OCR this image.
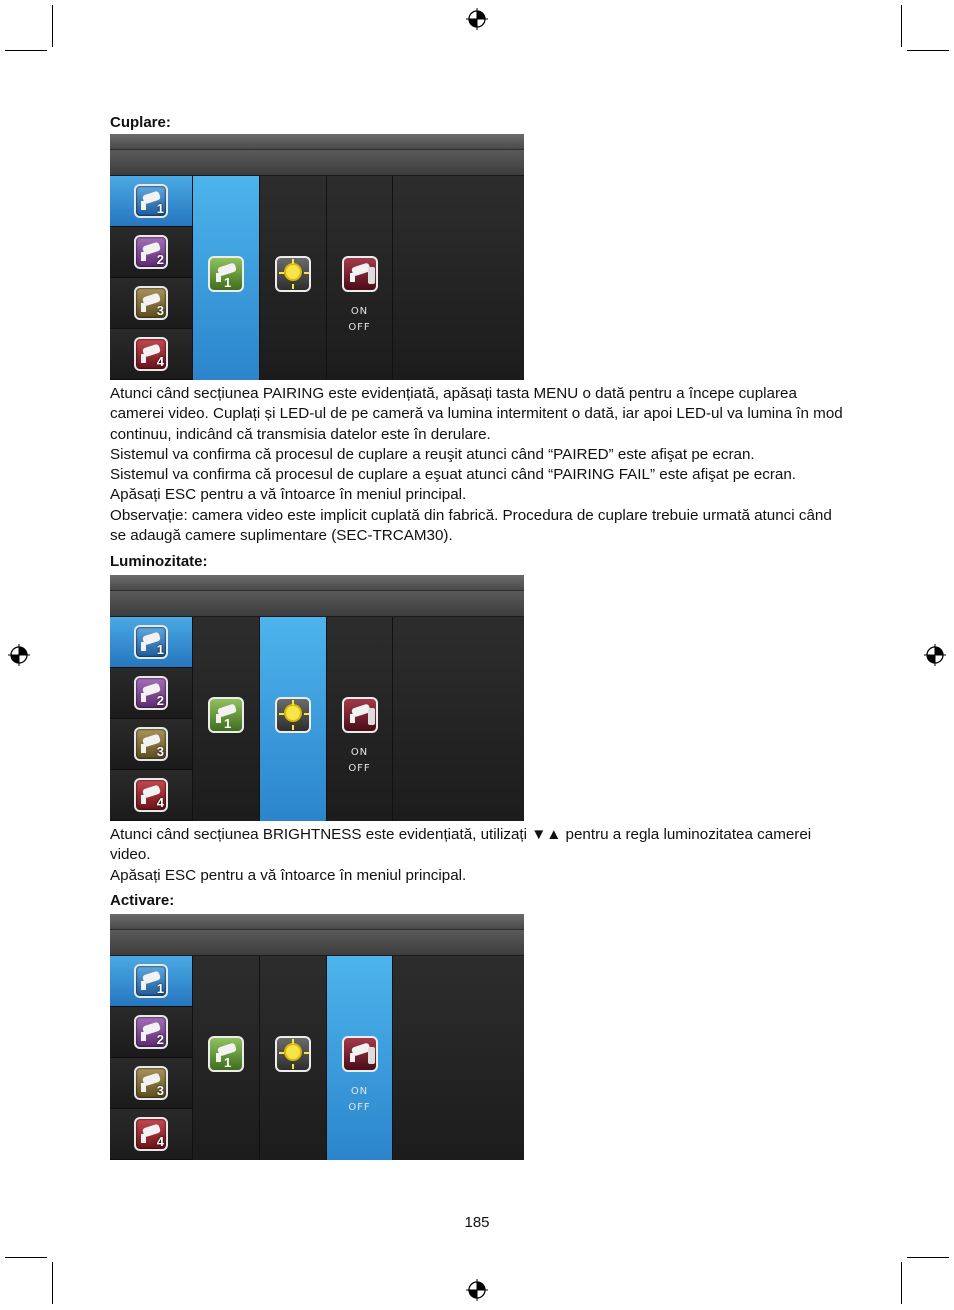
Cuplare:
1
2
3
4
1
ON
OFF

Atunci când secțiunea PAIRING este evidențiată, apăsați tasta MENU o dată pentru a începe cuplarea camerei video. Cuplați și LED-ul de pe cameră va lumina intermitent o dată, iar apoi LED-ul va lumina în mod continuu, indicând că transmisia datelor este în derulare.

Sistemul va confirma că procesul de cuplare a reuşit atunci când “PAIRED” este afişat pe ecran.

Sistemul va confirma că procesul de cuplare a eşuat atunci când “PAIRING FAIL” este afişat pe ecran.

Apăsați ESC pentru a vă întoarce în meniul principal.

Observație: camera video este implicit cuplată din fabrică. Procedura de cuplare trebuie urmată atunci când se adaugă camere suplimentare (SEC-TRCAM30).

Luminozitate:
1
2
3
4
1
ON
OFF

Atunci când secțiunea BRIGHTNESS este evidențiată, utilizați ▼▲ pentru a regla luminozitatea camerei video.

Apăsați ESC pentru a vă întoarce în meniul principal.

Activare:
1
2
3
4
1
ON
OFF
185
